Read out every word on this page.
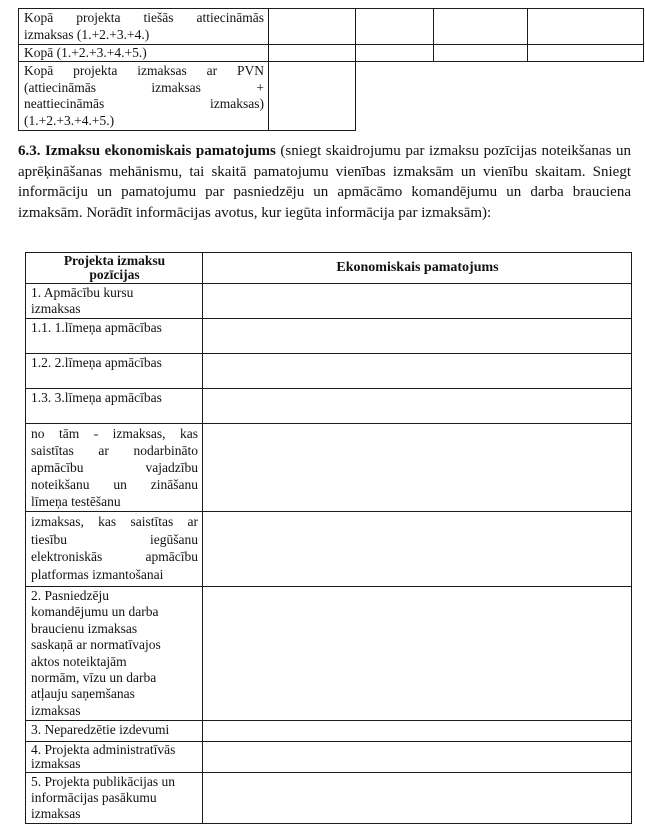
Kopā projekta tiešās attiecināmās
izmaksas (1.+2.+3.+4.)				

Kopā (1.+2.+3.+4.+5.)				

Kopā projekta izmaksas ar PVN
(attiecināmās izmaksas +
neattiecināmās izmaksas)
(1.+2.+3.+4.+5.)				

6.3. Izmaksu ekonomiskais pamatojums (sniegt skaidrojumu par izmaksu pozīcijas noteikšanas un aprēķināšanas mehānismu, tai skaitā pamatojumu vienības izmaksām un vienību skaitam. Sniegt informāciju un pamatojumu par pasniedzēju un apmācāmo komandējumu un darba brauciena izmaksām. Norādīt informācijas avotus, kur iegūta informācija par izmaksām):
Projekta izmaksu
pozīcijas	Ekonomiskais pamatojums

1. Apmācību kursu
izmaksas	

1.1. 1.līmeņa apmācības	
1.2. 2.līmeņa apmācības	
1.3. 3.līmeņa apmācības	

no tām - izmaksas, kas
saistītas ar nodarbināto
apmācību vajadzību
noteikšanu un zināšanu
līmeņa testēšanu	

izmaksas, kas saistītas ar
tiesību iegūšanu
elektroniskās apmācību
platformas izmantošanai	

2. Pasniedzēju
komandējumu un darba
braucienu izmaksas
saskaņā ar normatīvajos
aktos noteiktajām
normām, vīzu un darba
atļauju saņemšanas
izmaksas

3. Neparedzētie izdevumi	

4. Projekta administratīvās
izmaksas	

5. Projekta publikācijas un
informācijas pasākumu
izmaksas	
